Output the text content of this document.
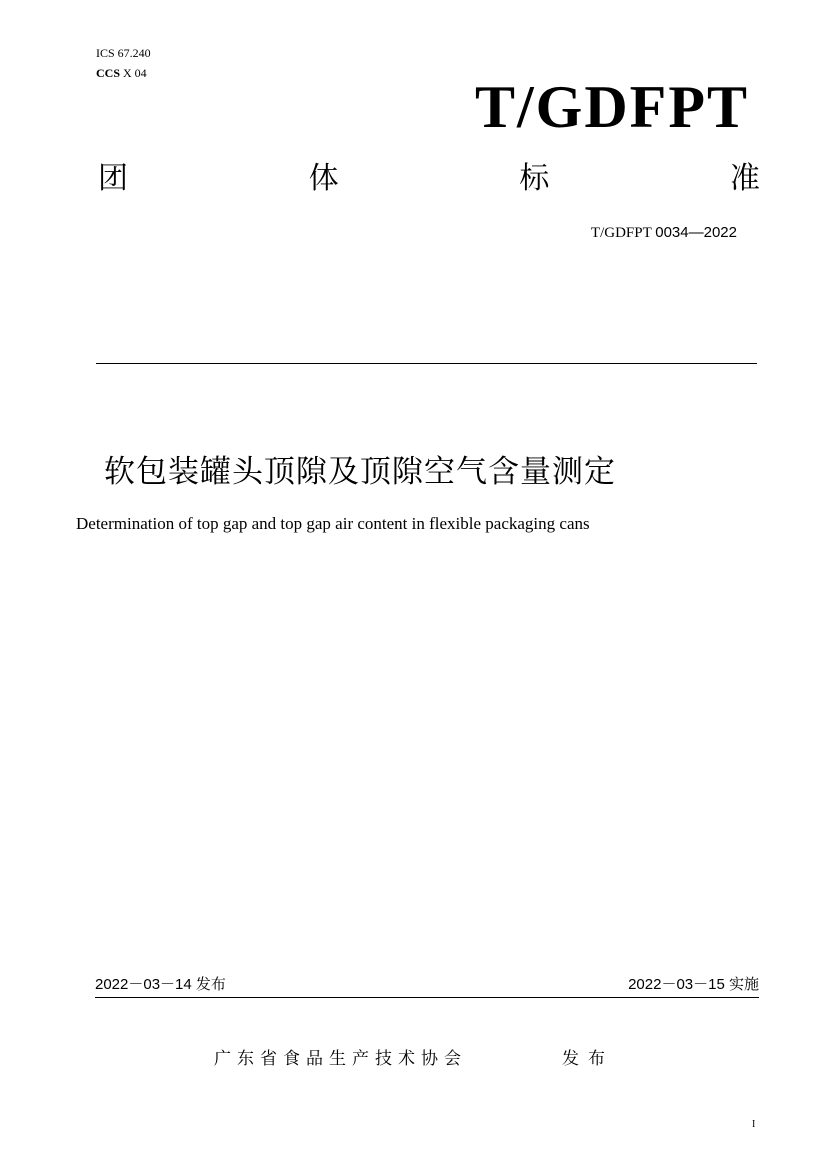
ICS 67.240
CCS X 04
T/GDFPT
团	体	标	准
T/GDFPT 0034—2022
软包装罐头顶隙及顶隙空气含量测定
Determination of top gap and top gap air content in flexible packaging cans
2022－03－14 发布	2022－03－15 实施
广东省食品生产技术协会	发布
I
